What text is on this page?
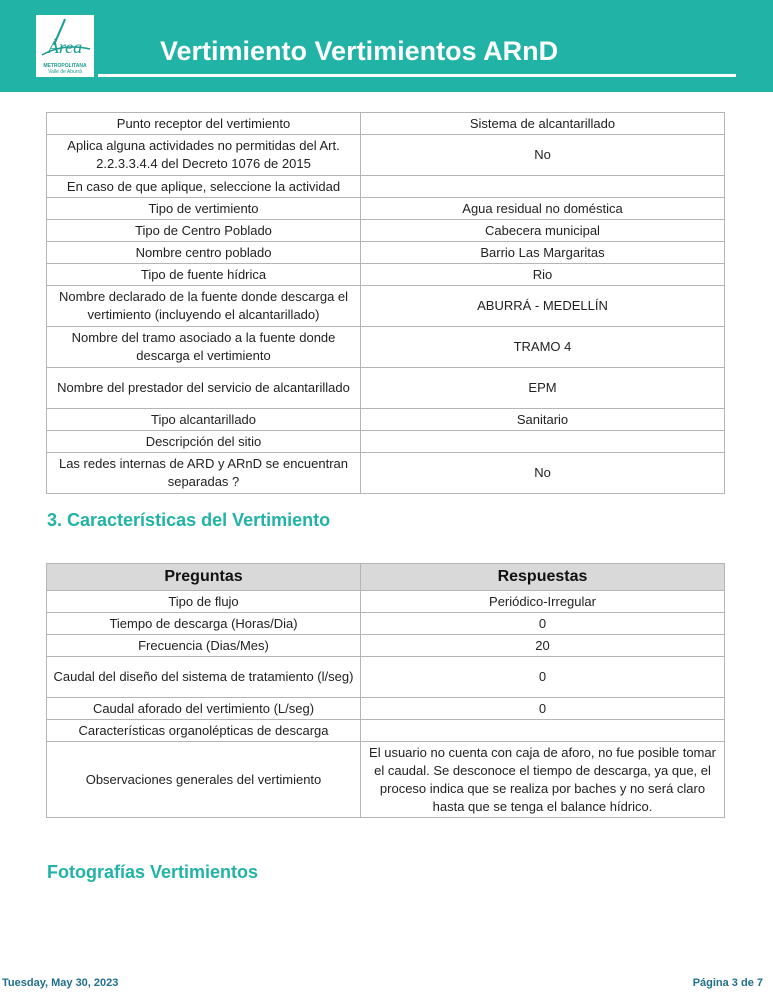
Área
METROPOLITANA
Valle de Aburrá
Vertimiento Vertimientos ARnD
Punto receptor del vertimiento	Sistema de alcantarillado
Aplica alguna actividades no permitidas del Art. 2.2.3.3.4.4 del Decreto 1076 de 2015	No
En caso de que aplique, seleccione la actividad	
Tipo de vertimiento	Agua residual no doméstica
Tipo de Centro Poblado	Cabecera municipal
Nombre centro poblado	Barrio Las Margaritas
Tipo de fuente hídrica	Rio
Nombre declarado de la fuente donde descarga el vertimiento (incluyendo el alcantarillado)	ABURRÁ - MEDELLÍN
Nombre del tramo asociado a la fuente donde descarga el vertimiento	TRAMO 4
Nombre del prestador del servicio de alcantarillado	EPM
Tipo alcantarillado	Sanitario
Descripción del sitio	
Las redes internas de ARD y ARnD se encuentran separadas ?	No
3. Características del Vertimiento
Preguntas	Respuestas
Tipo de flujo	Periódico-Irregular
Tiempo de descarga (Horas/Dia)	0
Frecuencia (Dias/Mes)	20
Caudal del diseño del sistema de tratamiento (l/seg)	0
Caudal aforado del vertimiento (L/seg)	0
Características organolépticas de descarga	
Observaciones generales del vertimiento	El usuario no cuenta con caja de aforo, no fue posible tomar el caudal. Se desconoce el tiempo de descarga, ya que, el proceso indica que se realiza por baches y no será claro hasta que se tenga el balance hídrico.
Fotografías Vertimientos
Tuesday, May 30, 2023	Página 3 de 7
